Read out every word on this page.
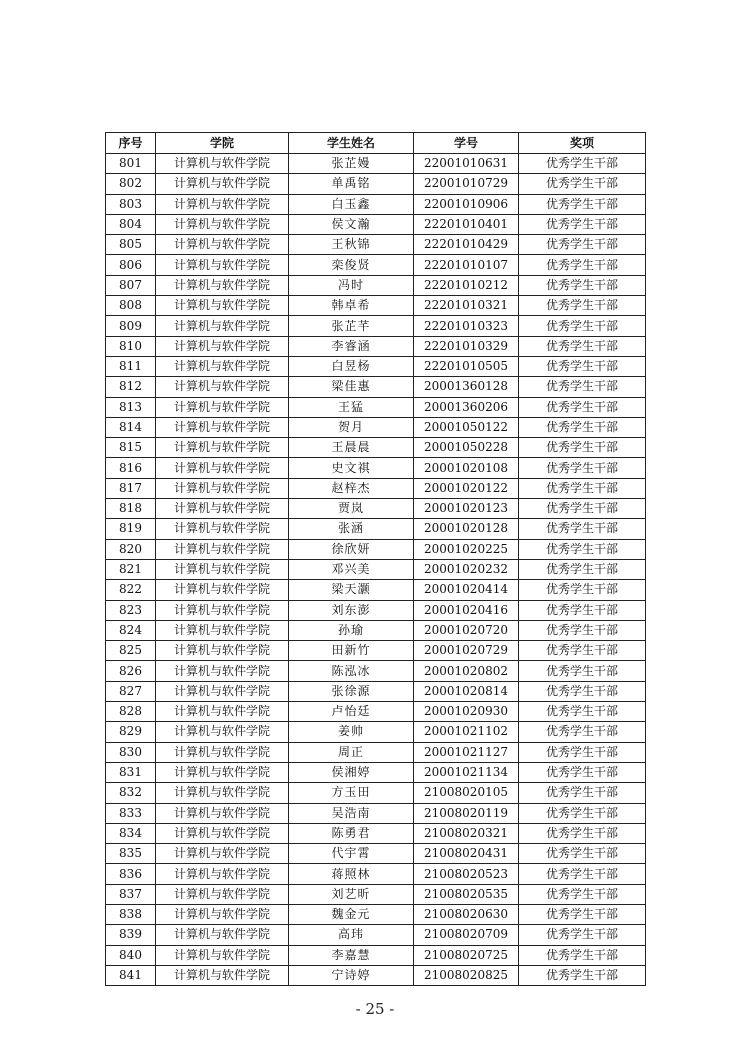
序号	学院	学生姓名	学号	奖项
801	计算机与软件学院	张芷嫚	22001010631	优秀学生干部
802	计算机与软件学院	单禹铭	22001010729	优秀学生干部
803	计算机与软件学院	白玉鑫	22001010906	优秀学生干部
804	计算机与软件学院	侯文瀚	22201010401	优秀学生干部
805	计算机与软件学院	王秋锦	22201010429	优秀学生干部
806	计算机与软件学院	栾俊贤	22201010107	优秀学生干部
807	计算机与软件学院	冯时	22201010212	优秀学生干部
808	计算机与软件学院	韩卓希	22201010321	优秀学生干部
809	计算机与软件学院	张芷芊	22201010323	优秀学生干部
810	计算机与软件学院	李睿涵	22201010329	优秀学生干部
811	计算机与软件学院	白昱杨	22201010505	优秀学生干部
812	计算机与软件学院	梁佳惠	20001360128	优秀学生干部
813	计算机与软件学院	王猛	20001360206	优秀学生干部
814	计算机与软件学院	贺月	20001050122	优秀学生干部
815	计算机与软件学院	王晨晨	20001050228	优秀学生干部
816	计算机与软件学院	史文祺	20001020108	优秀学生干部
817	计算机与软件学院	赵梓杰	20001020122	优秀学生干部
818	计算机与软件学院	贾岚	20001020123	优秀学生干部
819	计算机与软件学院	张涵	20001020128	优秀学生干部
820	计算机与软件学院	徐欣妍	20001020225	优秀学生干部
821	计算机与软件学院	邓兴美	20001020232	优秀学生干部
822	计算机与软件学院	梁天灏	20001020414	优秀学生干部
823	计算机与软件学院	刘东澎	20001020416	优秀学生干部
824	计算机与软件学院	孙瑜	20001020720	优秀学生干部
825	计算机与软件学院	田新竹	20001020729	优秀学生干部
826	计算机与软件学院	陈泓冰	20001020802	优秀学生干部
827	计算机与软件学院	张徐源	20001020814	优秀学生干部
828	计算机与软件学院	卢怡廷	20001020930	优秀学生干部
829	计算机与软件学院	姜帅	20001021102	优秀学生干部
830	计算机与软件学院	周正	20001021127	优秀学生干部
831	计算机与软件学院	侯湘婷	20001021134	优秀学生干部
832	计算机与软件学院	方玉田	21008020105	优秀学生干部
833	计算机与软件学院	吴浩南	21008020119	优秀学生干部
834	计算机与软件学院	陈勇君	21008020321	优秀学生干部
835	计算机与软件学院	代宇霄	21008020431	优秀学生干部
836	计算机与软件学院	蒋照林	21008020523	优秀学生干部
837	计算机与软件学院	刘艺昕	21008020535	优秀学生干部
838	计算机与软件学院	魏金元	21008020630	优秀学生干部
839	计算机与软件学院	高玮	21008020709	优秀学生干部
840	计算机与软件学院	李嘉慧	21008020725	优秀学生干部
841	计算机与软件学院	宁诗婷	21008020825	优秀学生干部
- 25 -
